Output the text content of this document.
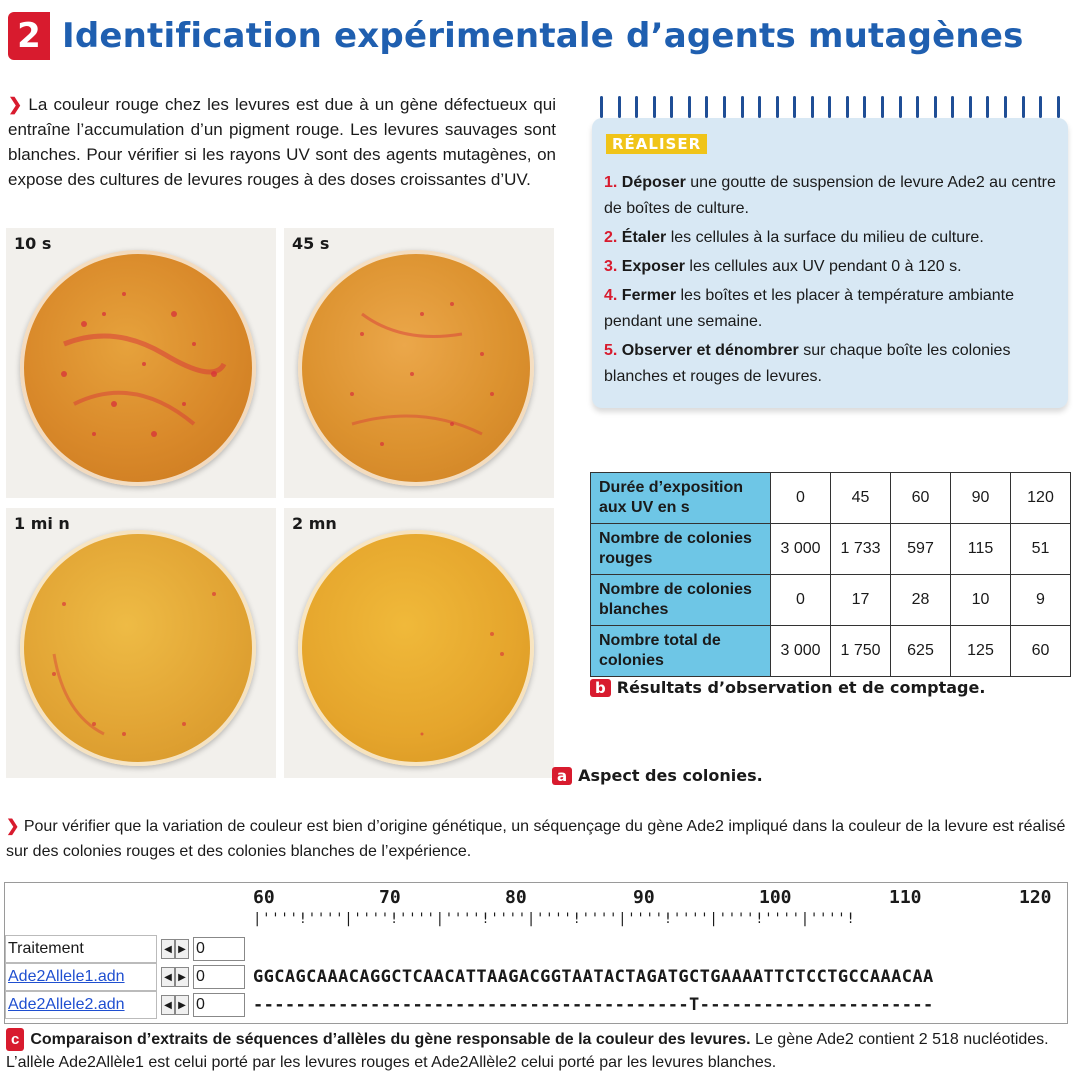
2 Identification expérimentale d’agents mutagènes
❯ La couleur rouge chez les levures est due à un gène défectueux qui entraîne l’accumulation d’un pigment rouge. Les levures sauvages sont blanches. Pour vérifier si les rayons UV sont des agents mutagènes, on expose des cultures de levures rouges à des doses croissantes d’UV.
10 s	45 s
1 mi n	2 mn
a Aspect des colonies.
RÉALISER
1. Déposer une goutte de suspension de levure Ade2 au centre de boîtes de culture.
2. Étaler les cellules à la surface du milieu de culture.
3. Exposer les cellules aux UV pendant 0 à 120 s.
4. Fermer les boîtes et les placer à température ambiante pendant une semaine.
5. Observer et dénombrer sur chaque boîte les colonies blanches et rouges de levures.
Durée d’exposition aux UV en s	0	45	60	90	120
Nombre de colonies rouges	3 000	1 733	597	115	51
Nombre de colonies blanches	0	17	28	10	9
Nombre total de colonies	3 000	1 750	625	125	60
b Résultats d’observation et de comptage.
❯ Pour vérifier que la variation de couleur est bien d’origine génétique, un séquençage du gène Ade2 impliqué dans la couleur de la levure est réalisé sur des colonies rouges et des colonies blanches de l’expérience.
60	70	80	90	100	110	120
|''''!''''|''''!''''|''''!''''|''''!''''|''''!''''|''''!''''|''''!
Traitement	◀ ▶ 0
Ade2Allele1.adn	◀ ▶ 0	GGCAGCAAACAGGCTCAACATTAAGACGGTAATACTAGATGCTGAAAATTCTCCTGCCAAACAA
Ade2Allele2.adn	◀ ▶ 0	-----------------------------------------T----------------------
c Comparaison d’extraits de séquences d’allèles du gène responsable de la couleur des levures. Le gène Ade2 contient 2 518 nucléotides. L’allèle Ade2Allèle1 est celui porté par les levures rouges et Ade2Allèle2 celui porté par les levures blanches.
